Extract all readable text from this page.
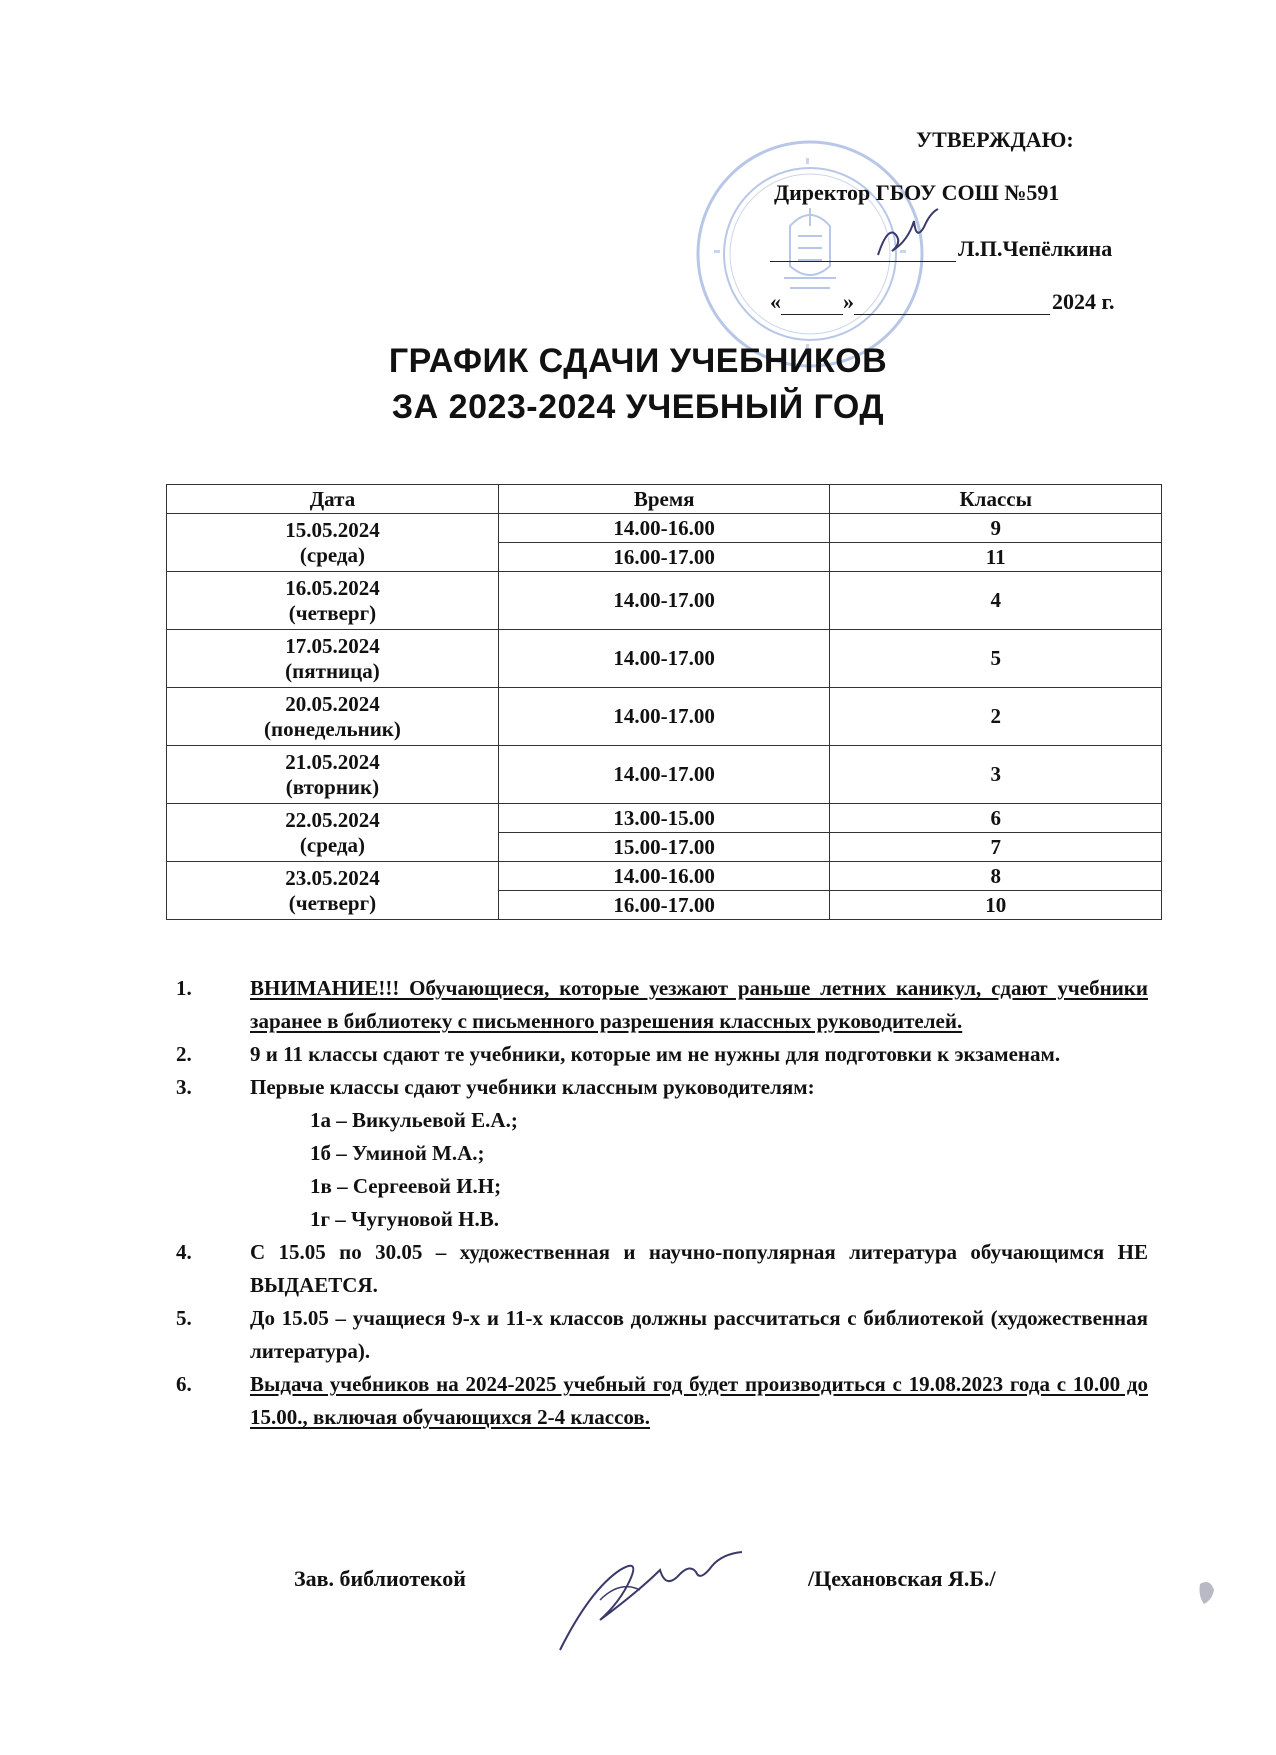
УТВЕРЖДАЮ:
Директор ГБОУ СОШ №591
Л.П.Чепёлкина
«	»	2024 г.
ГРАФИК СДАЧИ УЧЕБНИКОВ
ЗА 2023-2024 УЧЕБНЫЙ ГОД
Дата	Время	Классы

15.05.2024
(среда)	14.00-16.00	9
	16.00-17.00	11

16.05.2024
(четверг)	14.00-17.00	4

17.05.2024
(пятница)	14.00-17.00	5

20.05.2024
(понедельник)	14.00-17.00	2

21.05.2024
(вторник)	14.00-17.00	3

22.05.2024
(среда)	13.00-15.00	6
	15.00-17.00	7

23.05.2024
(четверг)	14.00-16.00	8
	16.00-17.00	10
1.	ВНИМАНИЕ!!! Обучающиеся, которые уезжают раньше летних каникул, сдают учебники заранее в библиотеку с письменного разрешения классных руководителей.
2.	9 и 11 классы сдают те учебники, которые им не нужны для подготовки к экзаменам.
3.	Первые классы сдают учебники классным руководителям:
1а – Викульевой Е.А.;
1б – Уминой М.А.;
1в – Сергеевой И.Н;
1г – Чугуновой Н.В.
4.	С 15.05 по 30.05 – художественная и научно-популярная литература обучающимся НЕ ВЫДАЕТСЯ.
5.	До 15.05 – учащиеся 9-х и 11-х классов должны рассчитаться с библиотекой (художественная литература).
6.	Выдача учебников на 2024-2025 учебный год будет производиться с 19.08.2023 года с 10.00 до 15.00., включая обучающихся 2-4 классов.
Зав. библиотекой	/Цехановская Я.Б./
